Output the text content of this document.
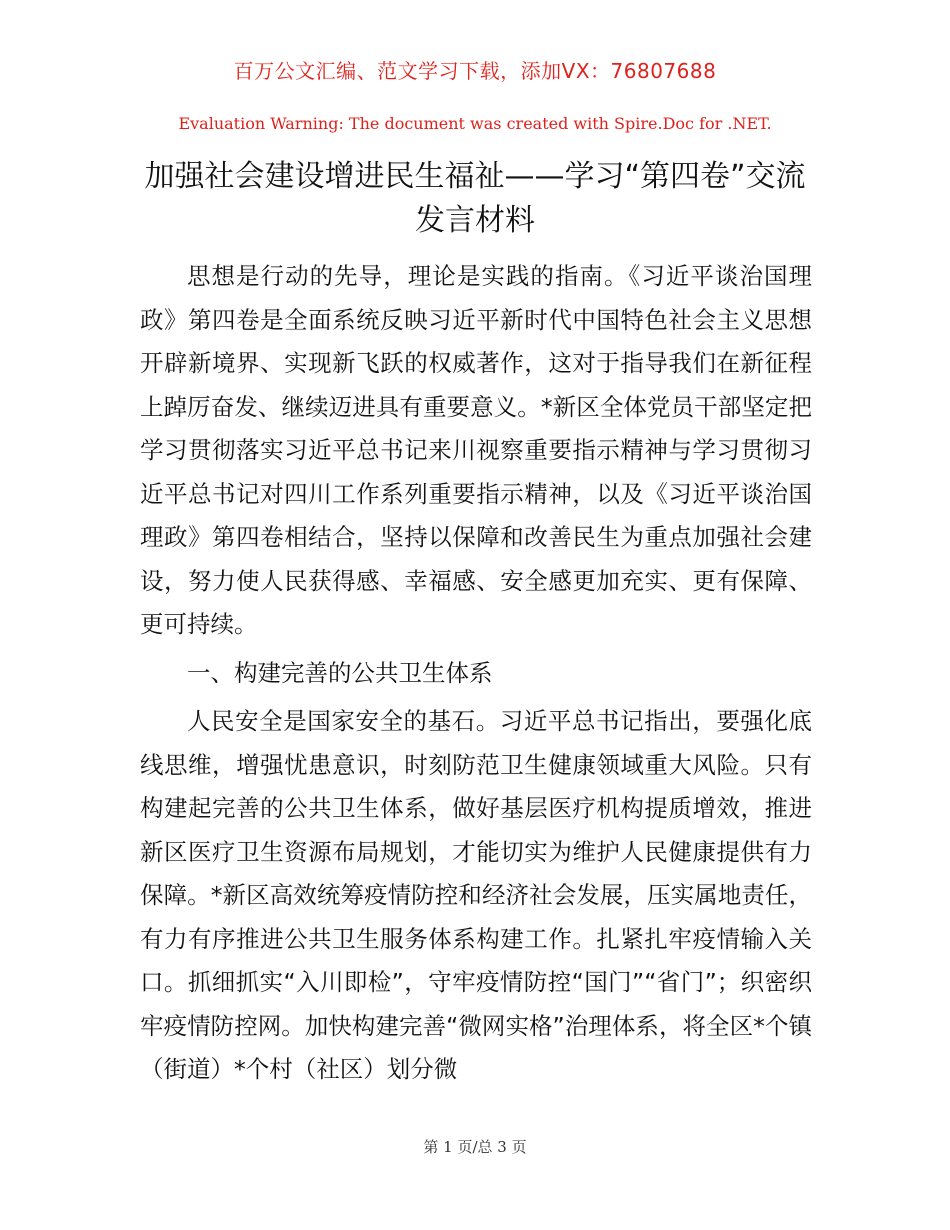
百万公文汇编、范文学习下载，添加VX：76807688
Evaluation Warning: The document was created with Spire.Doc for .NET.
加强社会建设增进民生福祉——学习“第四卷”交流发言材料

思想是行动的先导，理论是实践的指南。《习近平谈治国理政》第四卷是全面系统反映习近平新时代中国特色社会主义思想开辟新境界、实现新飞跃的权威著作，这对于指导我们在新征程上踔厉奋发、继续迈进具有重要意义。*新区全体党员干部坚定把学习贯彻落实习近平总书记来川视察重要指示精神与学习贯彻习近平总书记对四川工作系列重要指示精神，以及《习近平谈治国理政》第四卷相结合，坚持以保障和改善民生为重点加强社会建设，努力使人民获得感、幸福感、安全感更加充实、更有保障、更可持续。

一、构建完善的公共卫生体系

人民安全是国家安全的基石。习近平总书记指出，要强化底线思维，增强忧患意识，时刻防范卫生健康领域重大风险。只有构建起完善的公共卫生体系，做好基层医疗机构提质增效，推进新区医疗卫生资源布局规划，才能切实为维护人民健康提供有力保障。*新区高效统筹疫情防控和经济社会发展，压实属地责任，有力有序推进公共卫生服务体系构建工作。扎紧扎牢疫情输入关口。抓细抓实“入川即检”，守牢疫情防控“国门”“省门”；织密织牢疫情防控网。加快构建完善“微网实格”治理体系，将全区*个镇（街道）*个村（社区）划分微

第 1 页/总 3 页
